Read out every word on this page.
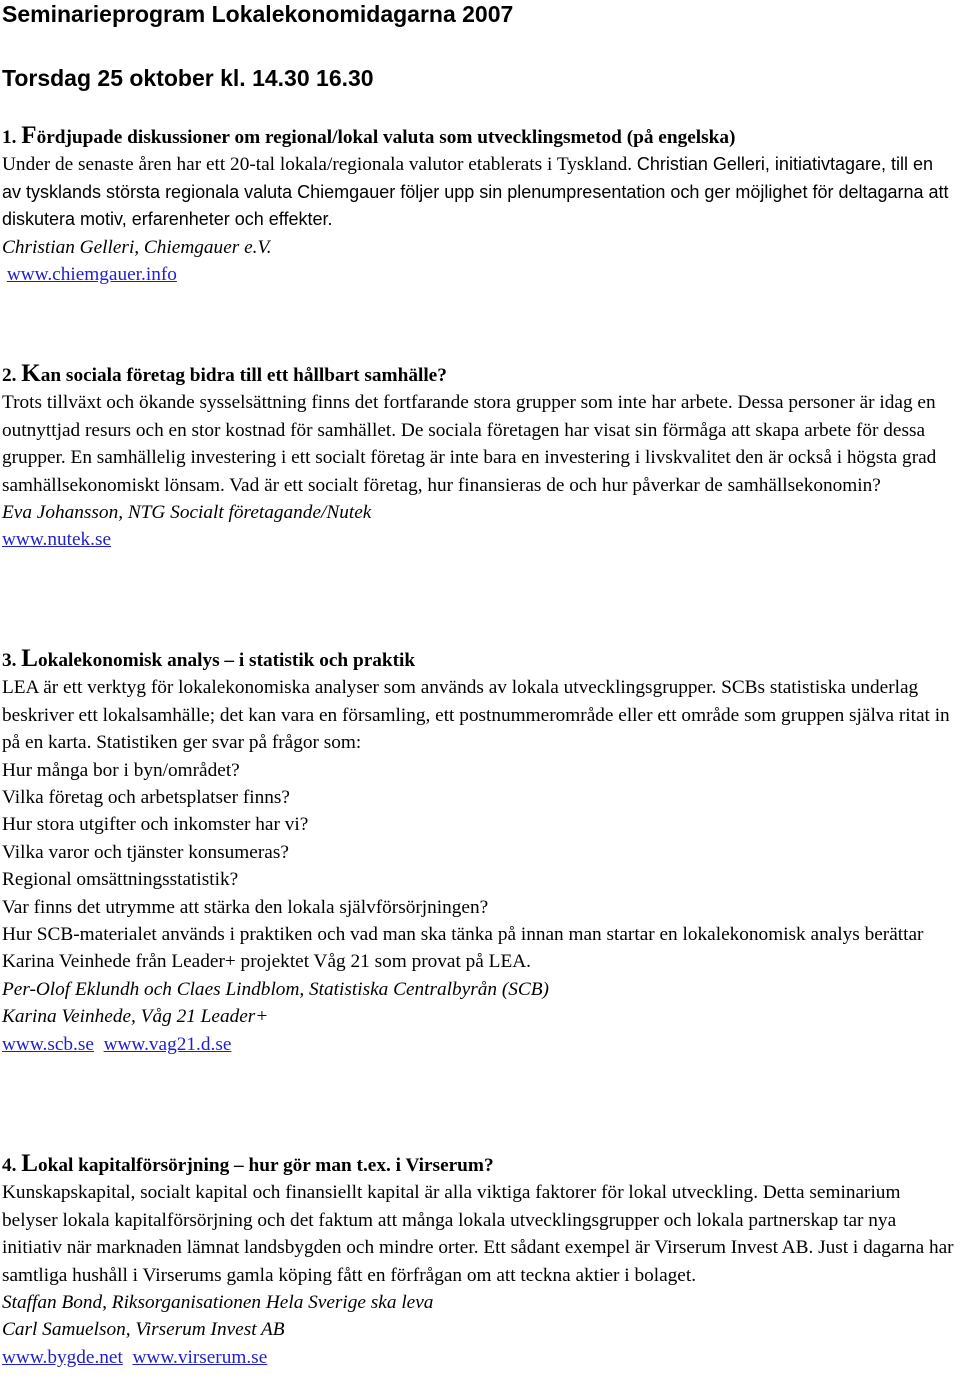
Seminarieprogram Lokalekonomidagarna 2007
Torsdag 25 oktober kl. 14.30 16.30
1. Fördjupade diskussioner om regional/lokal valuta som utvecklingsmetod (på engelska)
Under de senaste åren har ett 20-tal lokala/regionala valutor etablerats i Tyskland. Christian Gelleri, initiativtagare, till en av tysklands största regionala valuta Chiemgauer följer upp sin plenumpresentation och ger möjlighet för deltagarna att diskutera motiv, erfarenheter och effekter.
Christian Gelleri, Chiemgauer e.V.
www.chiemgauer.info
2. Kan sociala företag bidra till ett hållbart samhälle?
Trots tillväxt och ökande sysselsättning finns det fortfarande stora grupper som inte har arbete. Dessa personer är idag en outnyttjad resurs och en stor kostnad för samhället. De sociala företagen har visat sin förmåga att skapa arbete för dessa grupper. En samhällelig investering i ett socialt företag är inte bara en investering i livskvalitet den är också i högsta grad samhällsekonomiskt lönsam. Vad är ett socialt företag, hur finansieras de och hur påverkar de samhällsekonomin?
Eva Johansson, NTG Socialt företagande/Nutek
www.nutek.se
3. Lokalekonomisk analys – i statistik och praktik
LEA är ett verktyg för lokalekonomiska analyser som används av lokala utvecklingsgrupper. SCBs statistiska underlag beskriver ett lokalsamhälle; det kan vara en församling, ett postnummerområde eller ett område som gruppen själva ritat in på en karta. Statistiken ger svar på frågor som:
Hur många bor i byn/området?
Vilka företag och arbetsplatser finns?
Hur stora utgifter och inkomster har vi?
Vilka varor och tjänster konsumeras?
Regional omsättningsstatistik?
Var finns det utrymme att stärka den lokala självförsörjningen?
Hur SCB-materialet används i praktiken och vad man ska tänka på innan man startar en lokalekonomisk analys berättar Karina Veinhede från Leader+ projektet Våg 21 som provat på LEA.
Per-Olof Eklundh och Claes Lindblom, Statistiska Centralbyrån (SCB)
Karina Veinhede, Våg 21 Leader+
www.scb.se www.vag21.d.se
4. Lokal kapitalförsörjning – hur gör man t.ex. i Virserum?
Kunskapskapital, socialt kapital och finansiellt kapital är alla viktiga faktorer för lokal utveckling. Detta seminarium belyser lokala kapitalförsörjning och det faktum att många lokala utvecklingsgrupper och lokala partnerskap tar nya initiativ när marknaden lämnat landsbygden och mindre orter. Ett sådant exempel är Virserum Invest AB. Just i dagarna har samtliga hushåll i Virserums gamla köping fått en förfrågan om att teckna aktier i bolaget.
Staffan Bond, Riksorganisationen Hela Sverige ska leva
Carl Samuelson, Virserum Invest AB
www.bygde.net www.virserum.se
